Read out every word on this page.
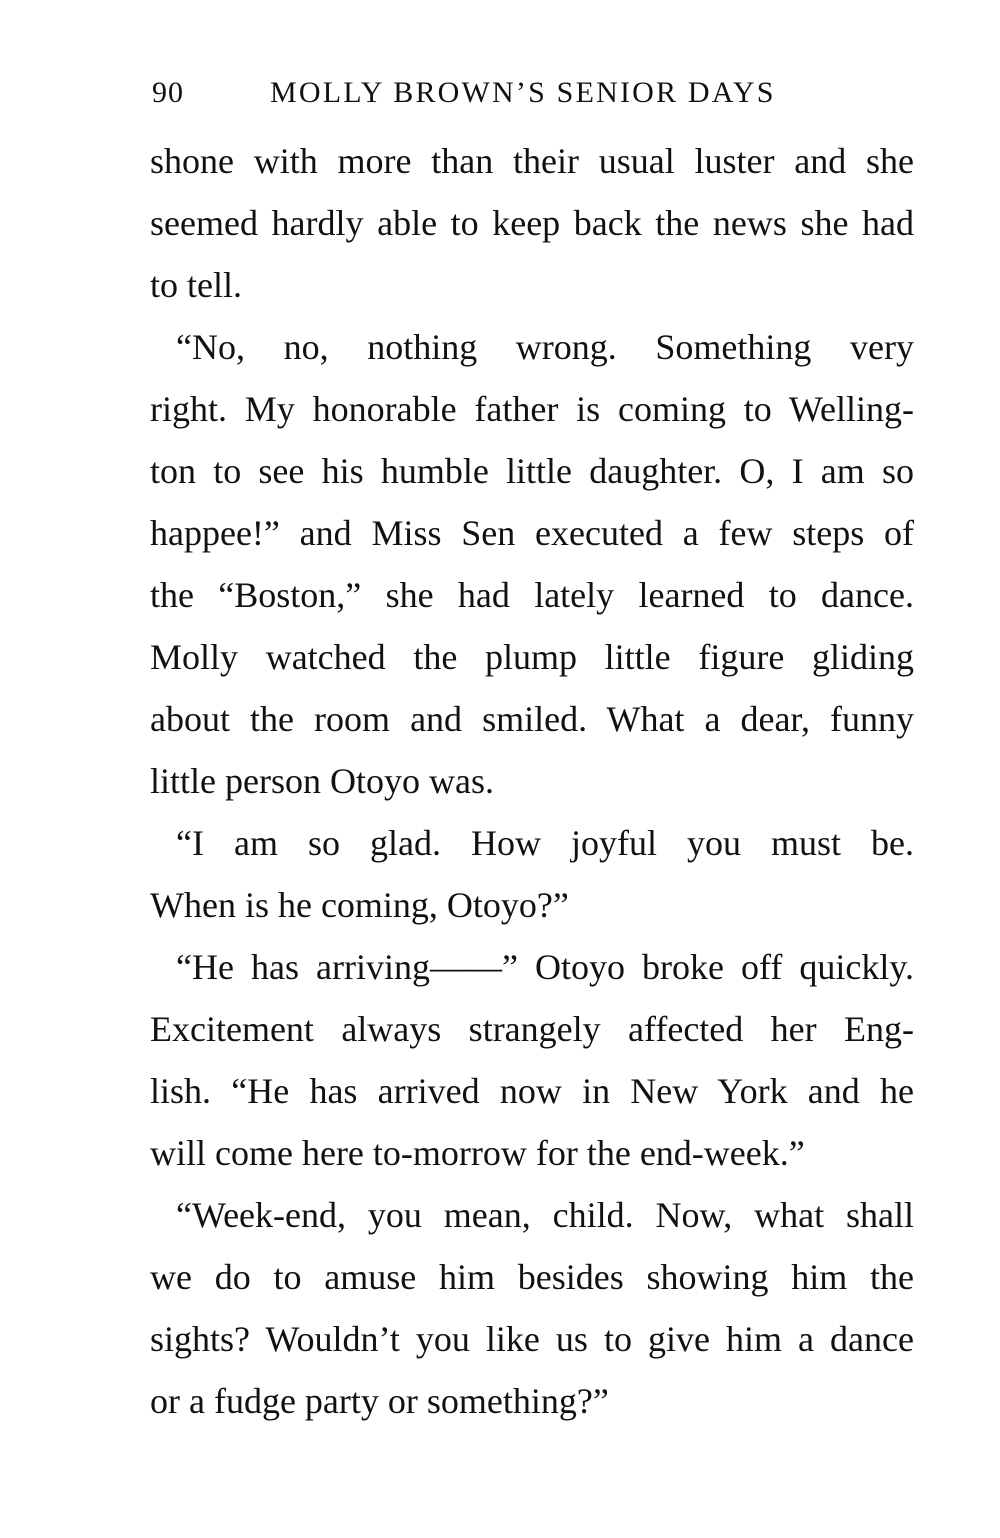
90	MOLLY BROWN’S SENIOR DAYS
shone with more than their usual luster and she
seemed hardly able to keep back the news she had
to tell.
“No, no, nothing wrong. Something very
right. My honorable father is coming to Welling-
ton to see his humble little daughter. O, I am so
happee!” and Miss Sen executed a few steps of
the “Boston,” she had lately learned to dance.
Molly watched the plump little figure gliding
about the room and smiled. What a dear, funny
little person Otoyo was.
“I am so glad. How joyful you must be.
When is he coming, Otoyo?”
“He has arriving——” Otoyo broke off quickly.
Excitement always strangely affected her Eng-
lish. “He has arrived now in New York and he
will come here to-morrow for the end-week.”
“Week-end, you mean, child. Now, what shall
we do to amuse him besides showing him the
sights? Wouldn’t you like us to give him a dance
or a fudge party or something?”
